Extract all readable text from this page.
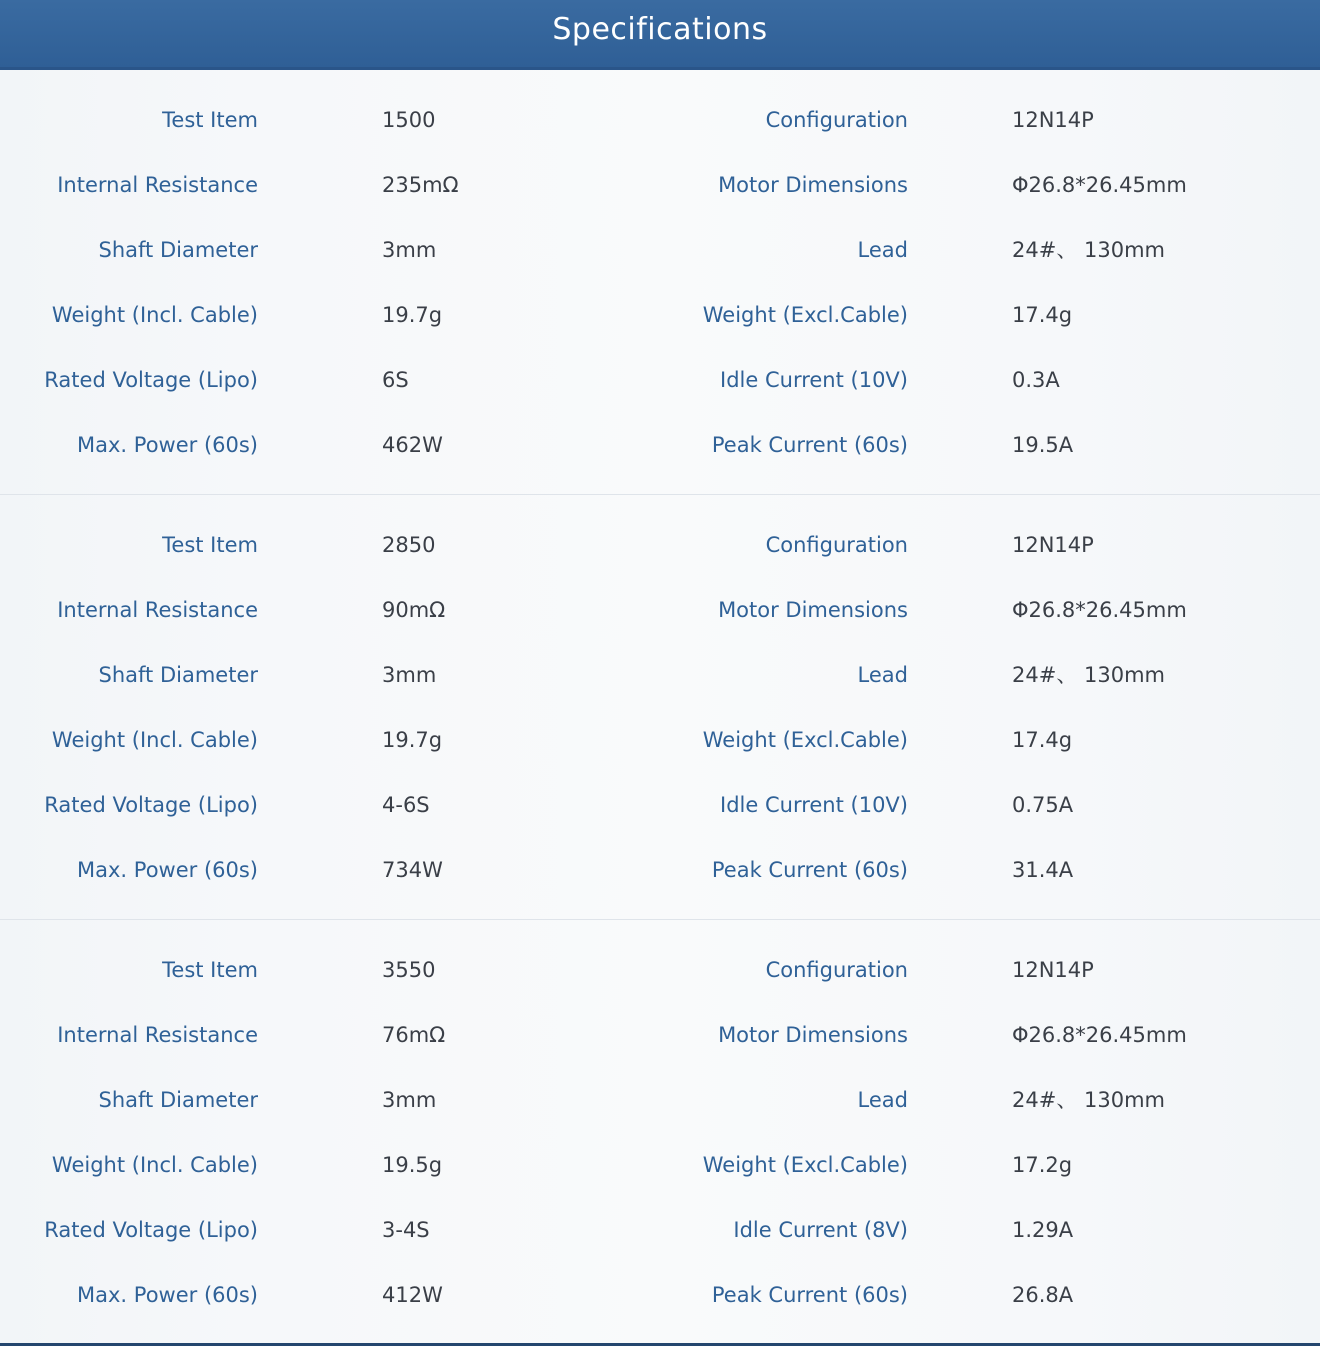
Specifications
Test Item	1500	Configuration	12N14P
Internal Resistance	235mΩ	Motor Dimensions	Φ26.8*26.45mm
Shaft Diameter	3mm	Lead	24#、 130mm
Weight (Incl. Cable)	19.7g	Weight (Excl.Cable)	17.4g
Rated Voltage (Lipo)	6S	Idle Current (10V)	0.3A
Max. Power (60s)	462W	Peak Current (60s)	19.5A
Test Item	2850	Configuration	12N14P
Internal Resistance	90mΩ	Motor Dimensions	Φ26.8*26.45mm
Shaft Diameter	3mm	Lead	24#、 130mm
Weight (Incl. Cable)	19.7g	Weight (Excl.Cable)	17.4g
Rated Voltage (Lipo)	4-6S	Idle Current (10V)	0.75A
Max. Power (60s)	734W	Peak Current (60s)	31.4A
Test Item	3550	Configuration	12N14P
Internal Resistance	76mΩ	Motor Dimensions	Φ26.8*26.45mm
Shaft Diameter	3mm	Lead	24#、 130mm
Weight (Incl. Cable)	19.5g	Weight (Excl.Cable)	17.2g
Rated Voltage (Lipo)	3-4S	Idle Current (8V)	1.29A
Max. Power (60s)	412W	Peak Current (60s)	26.8A
